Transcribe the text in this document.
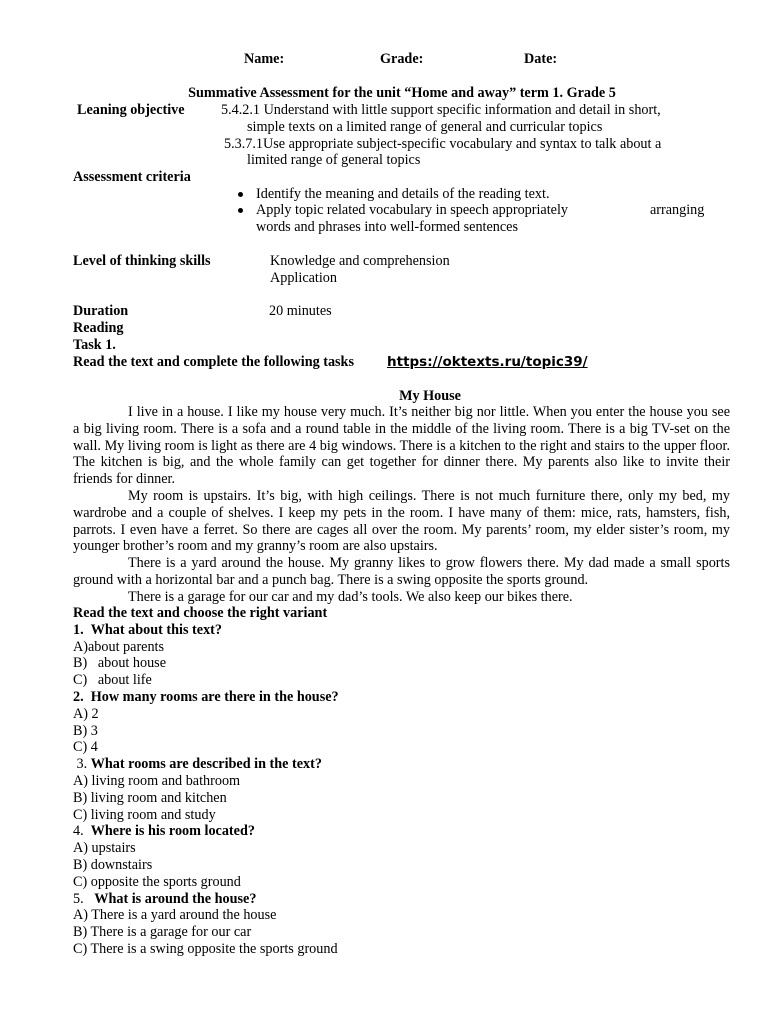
Name:	Grade:	Date:
Summative Assessment for the unit “Home and away” term 1. Grade 5
Leaning objective	5.4.2.1 Understand with little support specific information and detail in short,
simple texts on a limited range of general and curricular topics
5.3.7.1Use appropriate subject-specific vocabulary and syntax to talk about a
limited range of general topics
Assessment criteria
Identify the meaning and details of the reading text.
Apply topic related vocabulary in speech appropriately	arranging
words and phrases into well-formed sentences
Level of thinking skills	Knowledge and comprehension
Application
Duration	20 minutes
Reading
Task 1.
Read the text and complete the following tasks https://oktexts.ru/topic39/
My House

I live in a house. I like my house very much. It’s neither big nor little. When you enter the house you see a big living room. There is a sofa and a round table in the middle of the living room. There is a big TV-set on the wall. My living room is light as there are 4 big windows. There is a kitchen to the right and stairs to the upper floor. The kitchen is big, and the whole family can get together for dinner there. My parents also like to invite their friends for dinner.

My room is upstairs. It’s big, with high ceilings. There is not much furniture there, only my bed, my wardrobe and a couple of shelves. I keep my pets in the room. I have many of them: mice, rats, hamsters, fish, parrots. I even have a ferret. So there are cages all over the room. My parents’ room, my elder sister’s room, my younger brother’s room and my granny’s room are also upstairs.

There is a yard around the house. My granny likes to grow flowers there. My dad made a small sports ground with a horizontal bar and a punch bag. There is a swing opposite the sports ground.

There is a garage for our car and my dad’s tools. We also keep our bikes there.

Read the text and choose the right variant
1. What about this text?
A)about parents
B) about house
C) about life
2. How many rooms are there in the house?
A) 2
B) 3
C) 4
3. What rooms are described in the text?
A) living room and bathroom
B) living room and kitchen
C) living room and study
4. Where is his room located?
A) upstairs
B) downstairs
C) opposite the sports ground
5. What is around the house?
A) There is a yard around the house
B) There is a garage for our car
C) There is a swing opposite the sports ground
